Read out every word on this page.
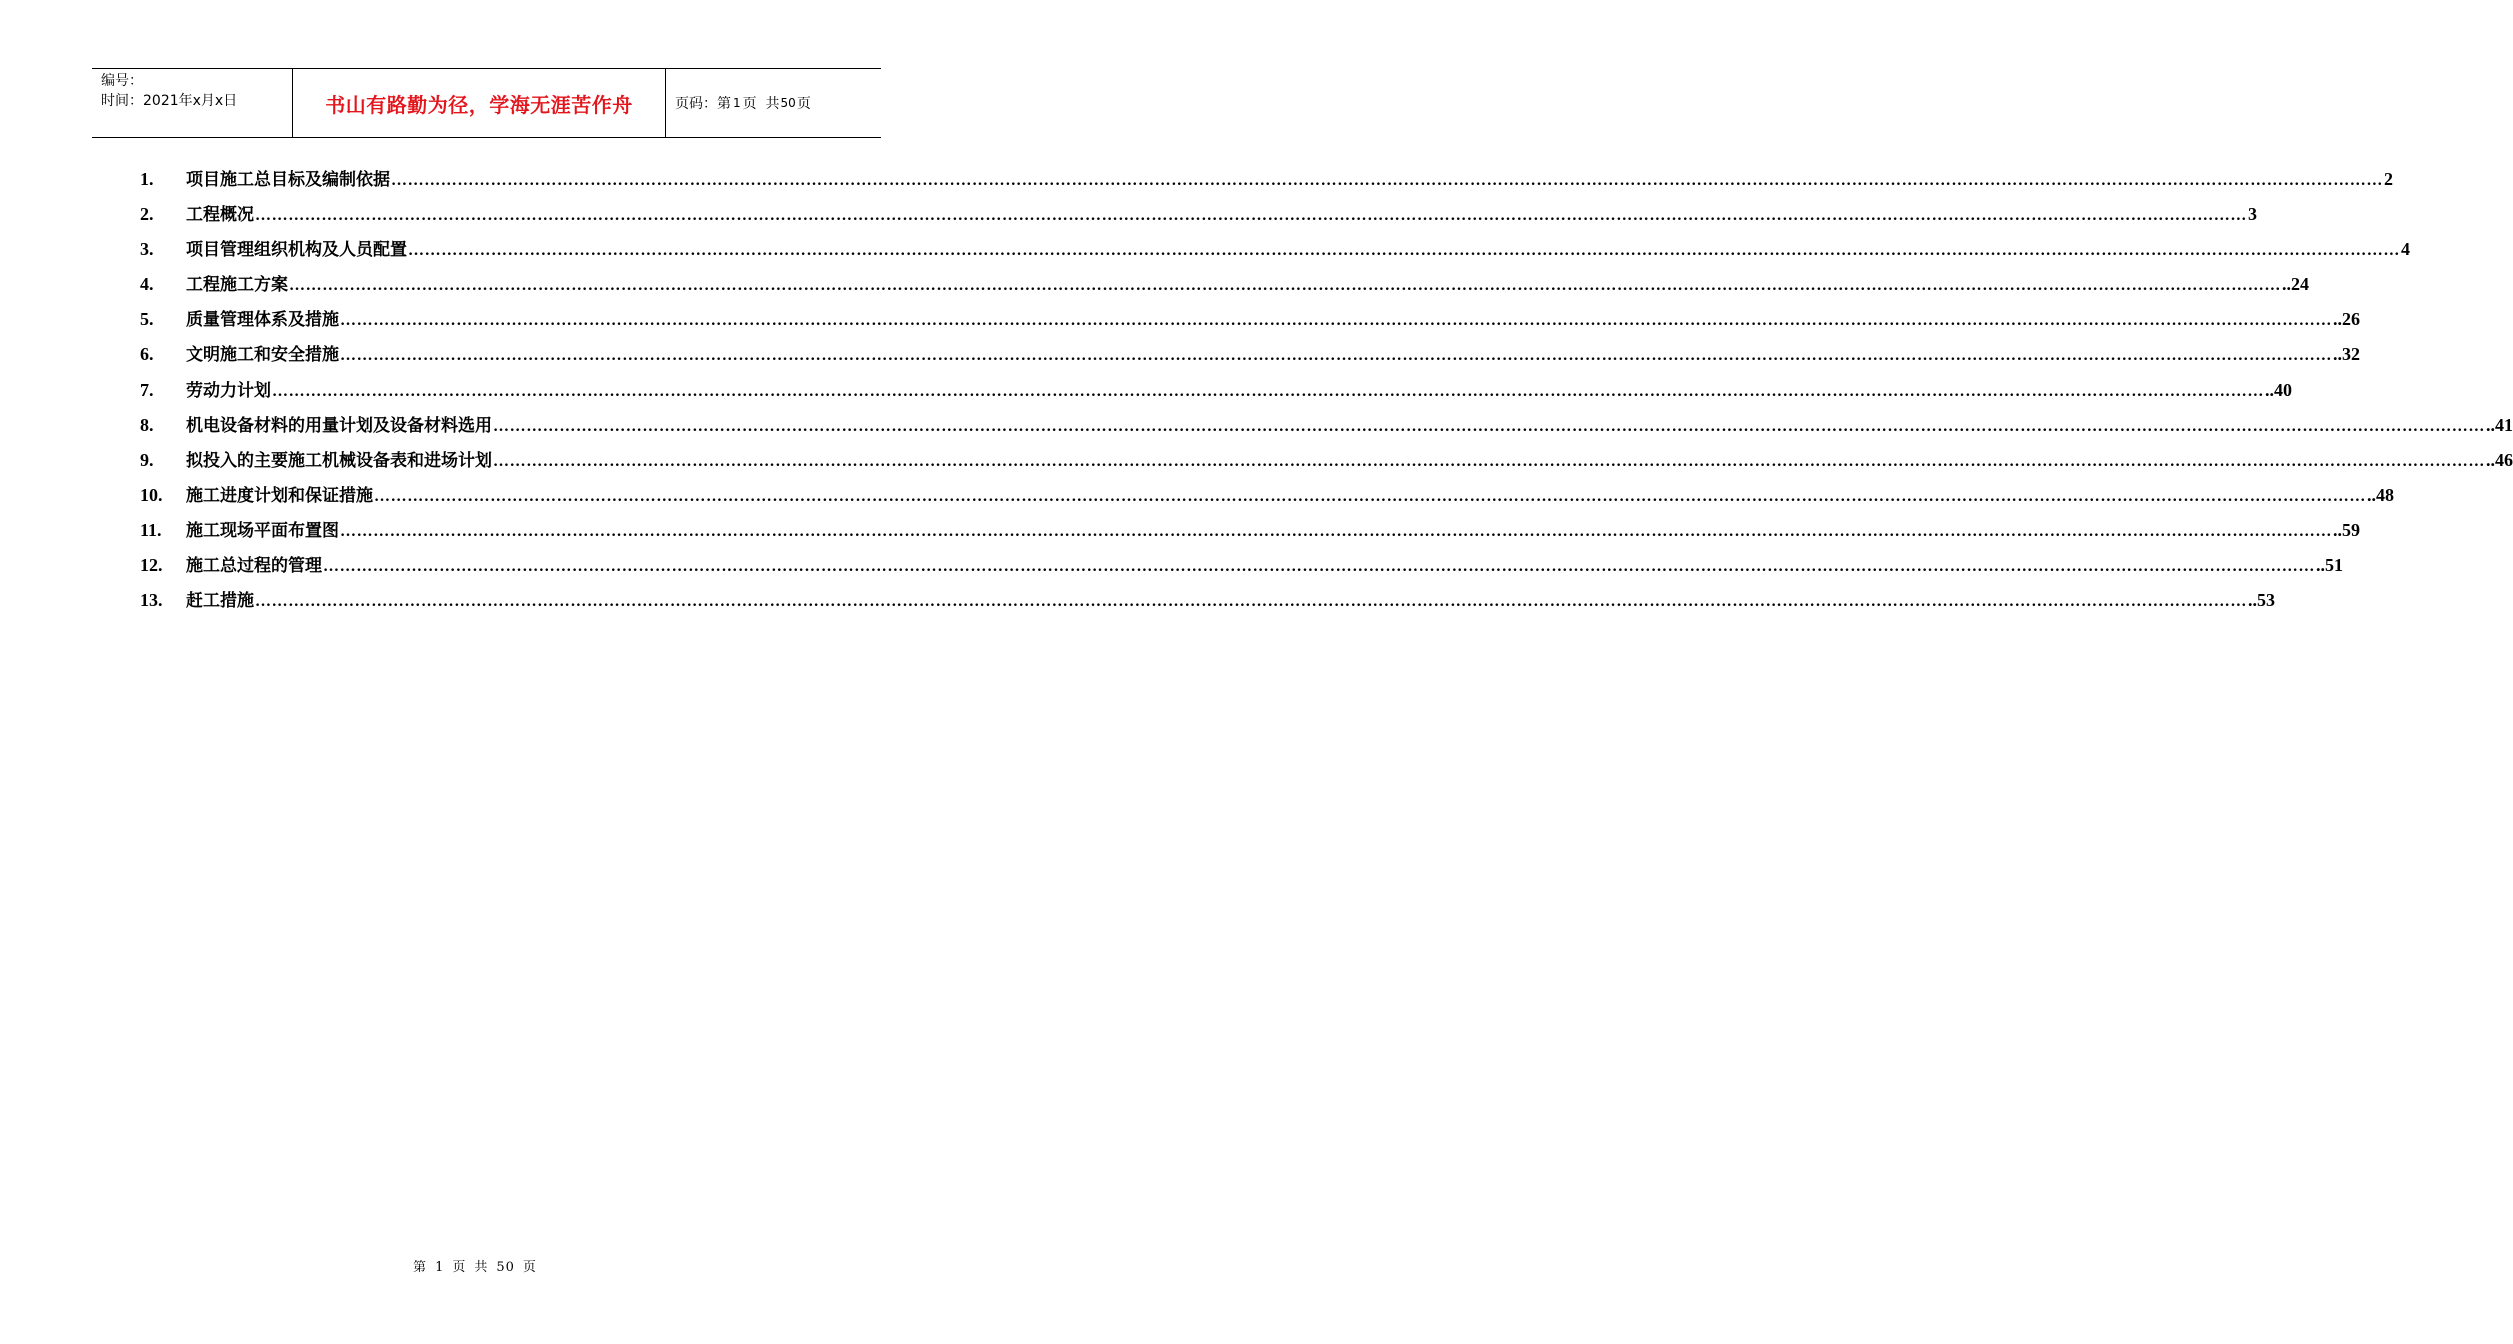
编号：
时间：2021年x月x日	书山有路勤为径，学海无涯苦作舟	页码：第 1 页  共 50 页
1.	项目施工总目标及编制依据 ……………………………………………………………………………………………………………………………………………………………………………………………………………………………………………………………………………………………………………………………… 2
2.	工程概况 ……………………………………………………………………………………………………………………………………………………………………………………………………………………………………………………………………………………………………………………………… 3
3.	项目管理组织机构及人员配置 ……………………………………………………………………………………………………………………………………………………………………………………………………………………………………………………………………………………………………………………………… 4
4.	工程施工方案 ……………………………………………………………………………………………………………………………………………………………………………………………………………………………………………………………………………………………………………………………… ..24
5.	质量管理体系及措施 ……………………………………………………………………………………………………………………………………………………………………………………………………………………………………………………………………………………………………………………………… ..26
6.	文明施工和安全措施 ……………………………………………………………………………………………………………………………………………………………………………………………………………………………………………………………………………………………………………………………… ..32
7.	劳动力计划 ……………………………………………………………………………………………………………………………………………………………………………………………………………………………………………………………………………………………………………………………… ..40
8.	机电设备材料的用量计划及设备材料选用 ……………………………………………………………………………………………………………………………………………………………………………………………………………………………………………………………………………………………………………………………… ..41
9.	拟投入的主要施工机械设备表和进场计划 ……………………………………………………………………………………………………………………………………………………………………………………………………………………………………………………………………………………………………………………………… ..46
10.	施工进度计划和保证措施 ……………………………………………………………………………………………………………………………………………………………………………………………………………………………………………………………………………………………………………………………… ..48
11.	施工现场平面布置图 ……………………………………………………………………………………………………………………………………………………………………………………………………………………………………………………………………………………………………………………………… ..59
12.	施工总过程的管理 ……………………………………………………………………………………………………………………………………………………………………………………………………………………………………………………………………………………………………………………………… ..51
13.	赶工措施 ……………………………………………………………………………………………………………………………………………………………………………………………………………………………………………………………………………………………………………………………… ..53
第 1 页 共 50 页
